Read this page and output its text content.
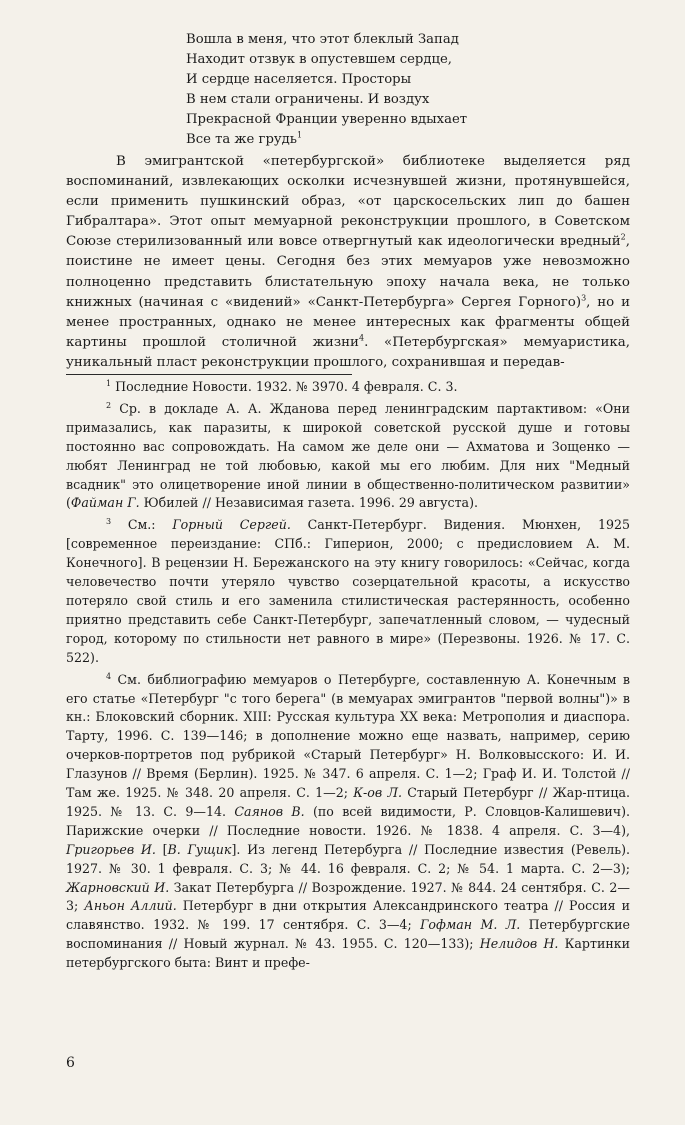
Вошла в меня, что этот блеклый Запад
Находит отзвук в опустевшем сердце,
И сердце населяется. Просторы
В нем стали ограничены. И воздух
Прекрасной Франции уверенно вдыхает
Все та же грудь$^1$

В эмигрантской «петербургской» библиотеке выделяется ряд воспоминаний, извлекающих осколки исчезнувшей жизни, протянувшейся, если применить пушкинский образ, «от царскосельских лип до башен Гибралтара». Этот опыт мемуарной реконструкции прошлого, в Советском Союзе стерилизованный или вовсе отвергнутый как идеологически вредный$^2$, поистине не имеет цены. Сегодня без этих мемуаров уже невозможно полноценно представить блистательную эпоху начала века, не только книжных (начиная с «видений» «Санкт-Петербурга» Сергея Горного)$^3$, но и менее пространных, однако не менее интересных как фрагменты общей картины прошлой столичной жизни$^4$. «Петербургская» мемуаристика, уникальный пласт реконструкции прошлого, сохранившая и передав-

$^1$ Последние Новости. 1932. № 3970. 4 февраля. С. 3.

$^2$ Ср. в докладе А. А. Жданова перед ленинградским партактивом: «Они примазались, как паразиты, к широкой советской русской душе и готовы постоянно вас сопровождать. На самом же деле они — Ахматова и Зощенко — любят Ленинград не той любовью, какой мы его любим. Для них "Медный всадник" это олицетворение иной линии в общественно-политическом развитии» (Файман Г. Юбилей // Независимая газета. 1996. 29 августа).

$^3$ См.: Горный Сергей. Санкт-Петербург. Видения. Мюнхен, 1925 [современное переиздание: СПб.: Гиперион, 2000; с предисловием А. М. Конечного]. В рецензии Н. Бережанского на эту книгу говорилось: «Сейчас, когда человечество почти утеряло чувство созерцательной красоты, а искусство потеряло свой стиль и его заменила стилистическая растерянность, особенно приятно представить себе Санкт-Петербург, запечатленный словом, — чудесный город, которому по стильности нет равного в мире» (Перезвоны. 1926. № 17. С. 522).

$^4$ См. библиографию мемуаров о Петербурге, составленную А. Конечным в его статье «Петербург "с того берега" (в мемуарах эмигрантов "первой волны")» в кн.: Блоковский сборник. XIII: Русская культура XX века: Метрополия и диаспора. Тарту, 1996. С. 139—146; в дополнение можно еще назвать, например, серию очерков-портретов под рубрикой «Старый Петербург» Н. Волковысского: И. И. Глазунов // Время (Берлин). 1925. № 347. 6 апреля. С. 1—2; Граф И. И. Толстой // Там же. 1925. № 348. 20 апреля. С. 1—2; К-ов Л. Старый Петербург // Жар-птица. 1925. № 13. С. 9—14. Саянов В. (по всей видимости, Р. Словцов-Калишевич). Парижские очерки // Последние новости. 1926. № 1838. 4 апреля. С. 3—4), Григорьев И. [В. Гущик]. Из легенд Петербурга // Последние известия (Ревель). 1927. № 30. 1 февраля. С. 3; № 44. 16 февраля. С. 2; № 54. 1 марта. С. 2—3); Жарновский И. Закат Петербурга // Возрождение. 1927. № 844. 24 сентября. С. 2—3; Аньон Аллий. Петербург в дни открытия Александринского театра // Россия и славянство. 1932. № 199. 17 сентября. С. 3—4; Гофман М. Л. Петербургские воспоминания // Новый журнал. № 43. 1955. С. 120—133); Нелидов Н. Картинки петербургского быта: Винт и префе-

6
